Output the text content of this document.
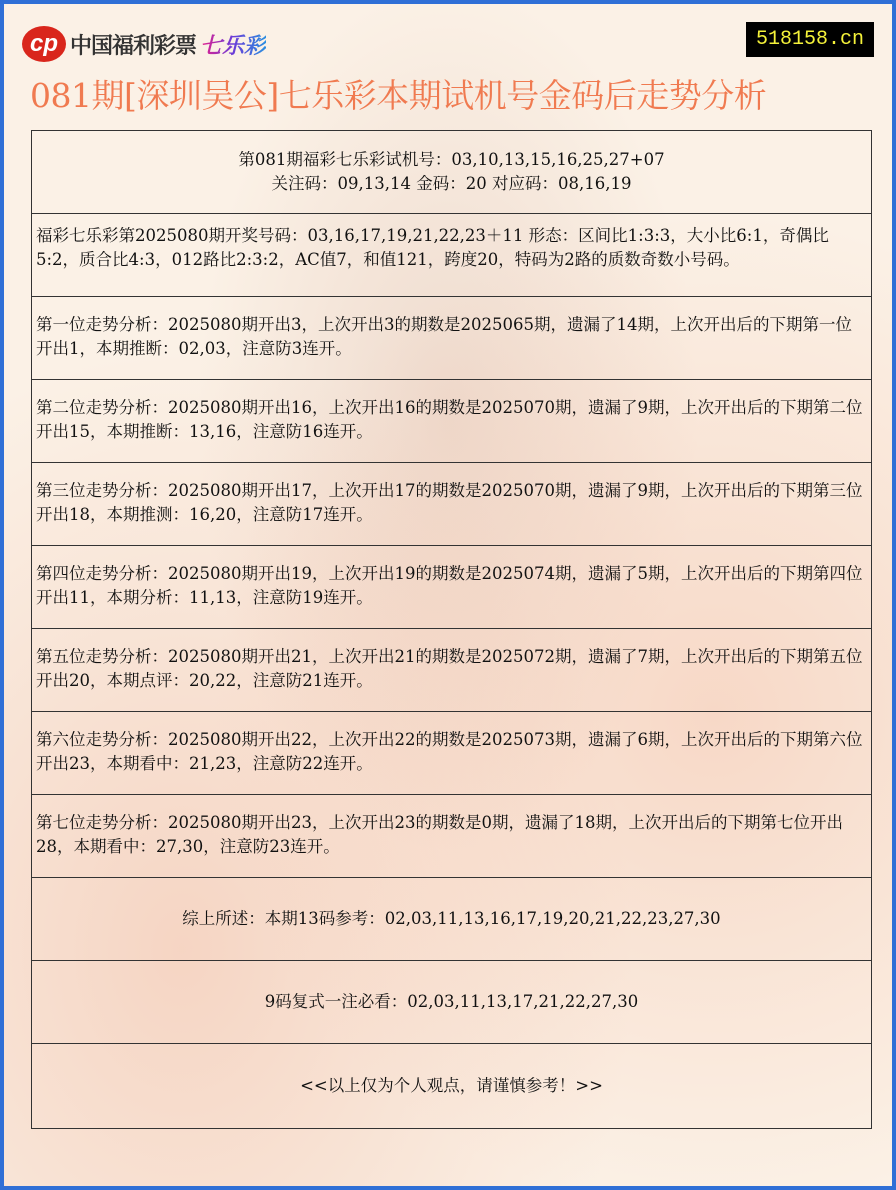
cp 中国福利彩票 七乐彩	518158.cn
081期[深圳吴公]七乐彩本期试机号金码后走势分析
第081期福彩七乐彩试机号：03,10,13,15,16,25,27+07
关注码：09,13,14 金码：20 对应码：08,16,19
福彩七乐彩第2025080期开奖号码：03,16,17,19,21,22,23＋11 形态：区间比1:3:3，大小比6:1，奇偶比5:2，质合比4:3，012路比2:3:2，AC值7，和值121，跨度20，特码为2路的质数奇数小号码。
第一位走势分析：2025080期开出3，上次开出3的期数是2025065期，遗漏了14期，上次开出后的下期第一位开出1，本期推断：02,03，注意防3连开。
第二位走势分析：2025080期开出16，上次开出16的期数是2025070期，遗漏了9期，上次开出后的下期第二位开出15，本期推断：13,16，注意防16连开。
第三位走势分析：2025080期开出17，上次开出17的期数是2025070期，遗漏了9期，上次开出后的下期第三位开出18，本期推测：16,20，注意防17连开。
第四位走势分析：2025080期开出19，上次开出19的期数是2025074期，遗漏了5期，上次开出后的下期第四位开出11，本期分析：11,13，注意防19连开。
第五位走势分析：2025080期开出21，上次开出21的期数是2025072期，遗漏了7期，上次开出后的下期第五位开出20，本期点评：20,22，注意防21连开。
第六位走势分析：2025080期开出22，上次开出22的期数是2025073期，遗漏了6期，上次开出后的下期第六位开出23，本期看中：21,23，注意防22连开。
第七位走势分析：2025080期开出23，上次开出23的期数是0期，遗漏了18期，上次开出后的下期第七位开出28，本期看中：27,30，注意防23连开。
综上所述：本期13码参考：02,03,11,13,16,17,19,20,21,22,23,27,30
9码复式一注必看：02,03,11,13,17,21,22,27,30
<<以上仅为个人观点，请谨慎参考！>>
